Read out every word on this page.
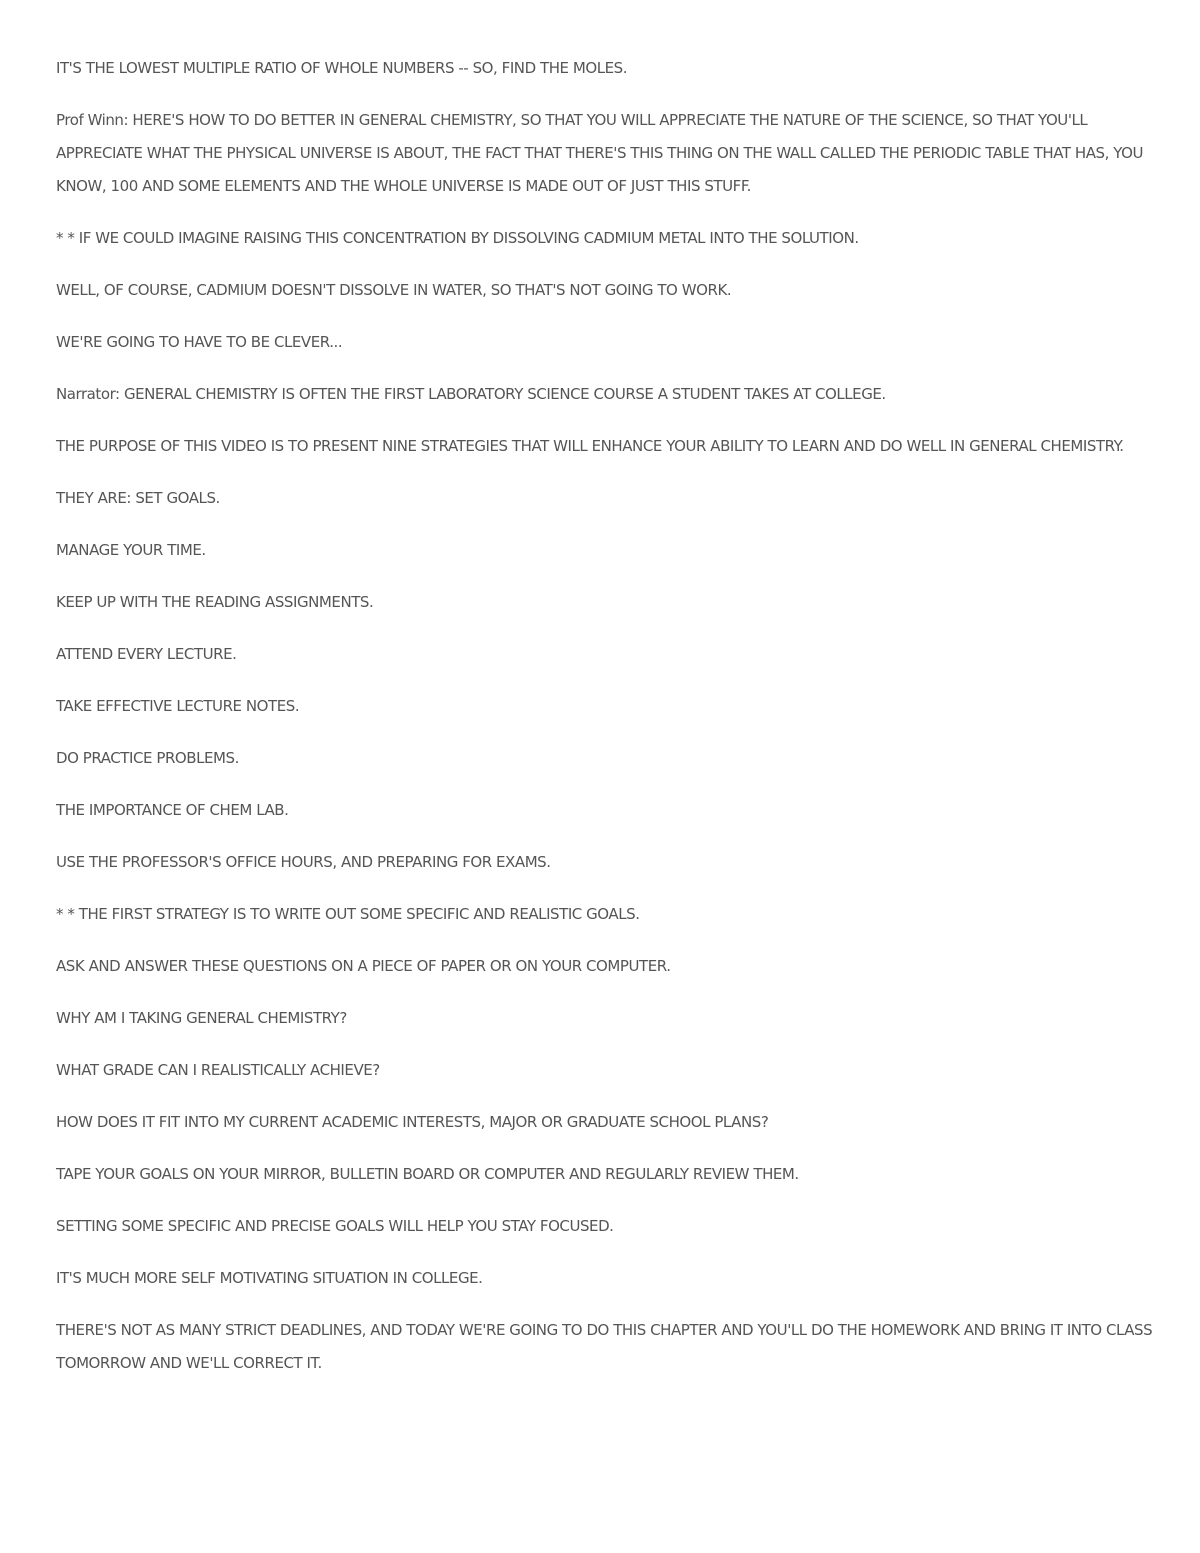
IT'S THE LOWEST MULTIPLE RATIO OF WHOLE NUMBERS -- SO, FIND THE MOLES.

Prof Winn: HERE'S HOW TO DO BETTER IN GENERAL CHEMISTRY, SO THAT YOU WILL APPRECIATE THE NATURE OF THE SCIENCE, SO THAT YOU'LL APPRECIATE WHAT THE PHYSICAL UNIVERSE IS ABOUT, THE FACT THAT THERE'S THIS THING ON THE WALL CALLED THE PERIODIC TABLE THAT HAS, YOU KNOW, 100 AND SOME ELEMENTS AND THE WHOLE UNIVERSE IS MADE OUT OF JUST THIS STUFF.

* * IF WE COULD IMAGINE RAISING THIS CONCENTRATION BY DISSOLVING CADMIUM METAL INTO THE SOLUTION.

WELL, OF COURSE, CADMIUM DOESN'T DISSOLVE IN WATER, SO THAT'S NOT GOING TO WORK.

WE'RE GOING TO HAVE TO BE CLEVER...

Narrator: GENERAL CHEMISTRY IS OFTEN THE FIRST LABORATORY SCIENCE COURSE A STUDENT TAKES AT COLLEGE.

THE PURPOSE OF THIS VIDEO IS TO PRESENT NINE STRATEGIES THAT WILL ENHANCE YOUR ABILITY TO LEARN AND DO WELL IN GENERAL CHEMISTRY.

THEY ARE: SET GOALS.

MANAGE YOUR TIME.

KEEP UP WITH THE READING ASSIGNMENTS.

ATTEND EVERY LECTURE.

TAKE EFFECTIVE LECTURE NOTES.

DO PRACTICE PROBLEMS.

THE IMPORTANCE OF CHEM LAB.

USE THE PROFESSOR'S OFFICE HOURS, AND PREPARING FOR EXAMS.

* * THE FIRST STRATEGY IS TO WRITE OUT SOME SPECIFIC AND REALISTIC GOALS.

ASK AND ANSWER THESE QUESTIONS ON A PIECE OF PAPER OR ON YOUR COMPUTER.

WHY AM I TAKING GENERAL CHEMISTRY?

WHAT GRADE CAN I REALISTICALLY ACHIEVE?

HOW DOES IT FIT INTO MY CURRENT ACADEMIC INTERESTS, MAJOR OR GRADUATE SCHOOL PLANS?

TAPE YOUR GOALS ON YOUR MIRROR, BULLETIN BOARD OR COMPUTER AND REGULARLY REVIEW THEM.

SETTING SOME SPECIFIC AND PRECISE GOALS WILL HELP YOU STAY FOCUSED.

IT'S MUCH MORE SELF MOTIVATING SITUATION IN COLLEGE.

THERE'S NOT AS MANY STRICT DEADLINES, AND TODAY WE'RE GOING TO DO THIS CHAPTER AND YOU'LL DO THE HOMEWORK AND BRING IT INTO CLASS TOMORROW AND WE'LL CORRECT IT.
